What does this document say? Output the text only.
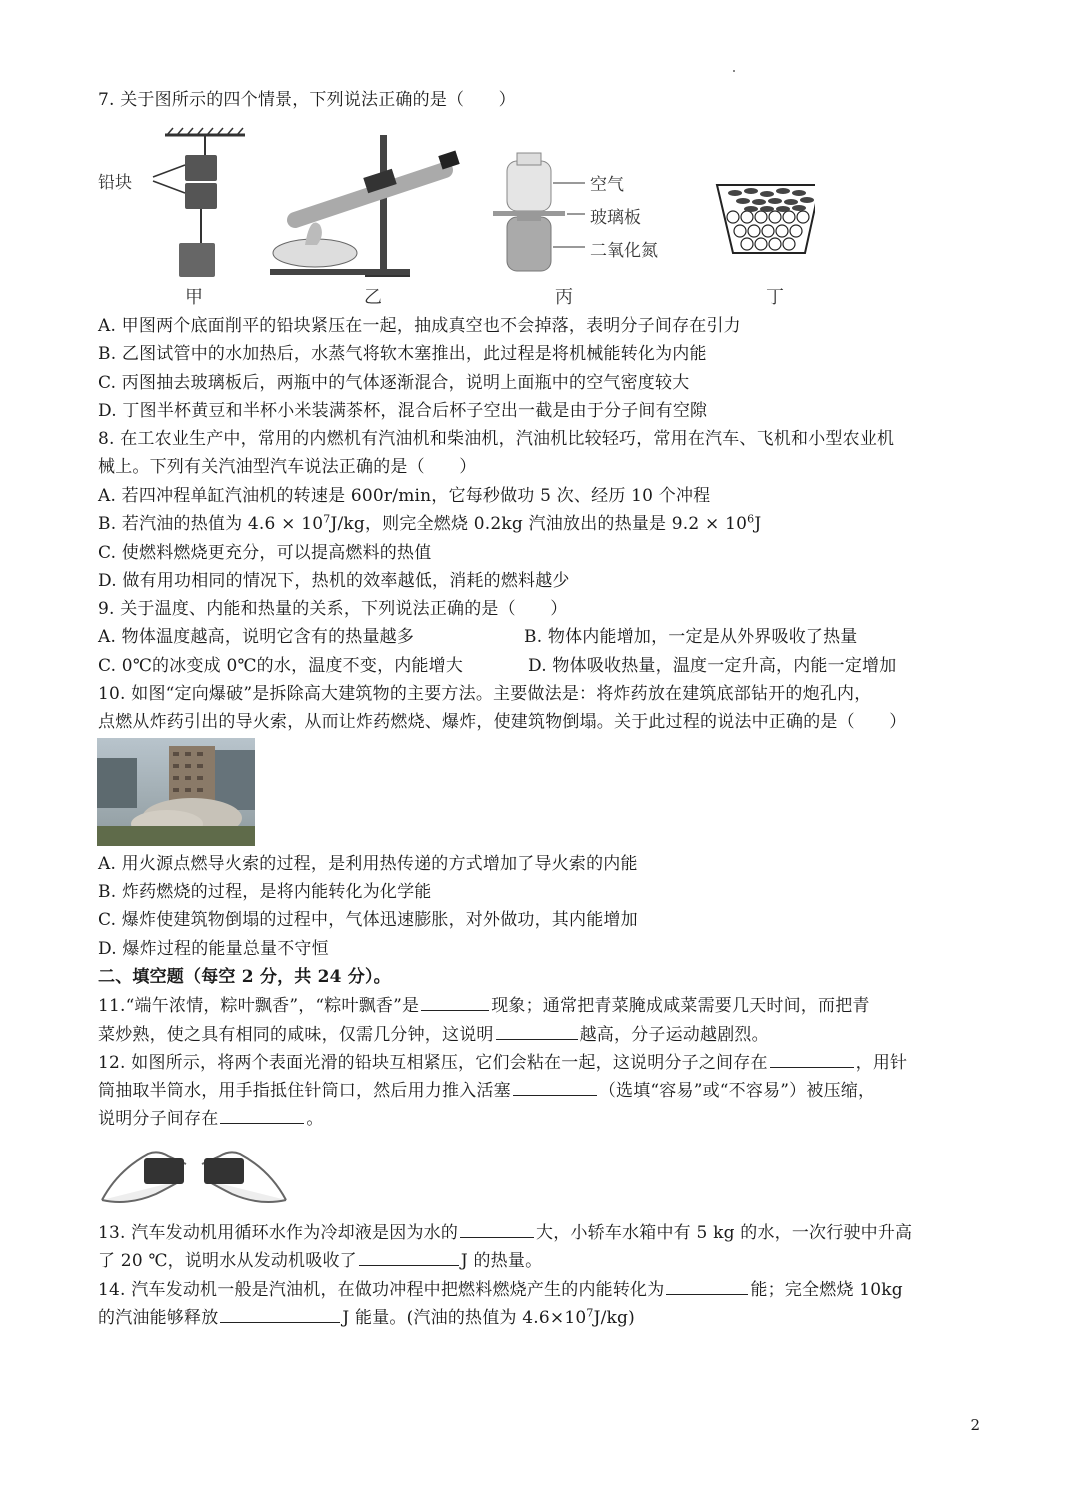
7. 关于图所示的四个情景，下列说法正确的是（　　）
铅块	空气
玻璃板
二氧化氮
甲	乙	丙	丁
A. 甲图两个底面削平的铅块紧压在一起，抽成真空也不会掉落，表明分子间存在引力
B. 乙图试管中的水加热后，水蒸气将软木塞推出，此过程是将机械能转化为内能
C. 丙图抽去玻璃板后，两瓶中的气体逐渐混合，说明上面瓶中的空气密度较大
D. 丁图半杯黄豆和半杯小米装满茶杯，混合后杯子空出一截是由于分子间有空隙
8. 在工农业生产中，常用的内燃机有汽油机和柴油机，汽油机比较轻巧，常用在汽车、飞机和小型农业机
械上。下列有关汽油型汽车说法正确的是（　　）
A. 若四冲程单缸汽油机的转速是 600r/min，它每秒做功 5 次、经历 10 个冲程
B. 若汽油的热值为 $4.6 \times 10^7J/kg$，则完全燃烧 0.2kg 汽油放出的热量是 $9.2 \times 10^6J$
C. 使燃料燃烧更充分，可以提高燃料的热值
D. 做有用功相同的情况下，热机的效率越低，消耗的燃料越少
9. 关于温度、内能和热量的关系，下列说法正确的是（　　）
A. 物体温度越高，说明它含有的热量越多	B. 物体内能增加，一定是从外界吸收了热量
C. 0℃的冰变成 0℃的水，温度不变，内能增大	D. 物体吸收热量，温度一定升高，内能一定增加
10. 如图“定向爆破”是拆除高大建筑物的主要方法。主要做法是：将炸药放在建筑底部钻开的炮孔内，
点燃从炸药引出的导火索，从而让炸药燃烧、爆炸，使建筑物倒塌。关于此过程的说法中正确的是（　　）
A. 用火源点燃导火索的过程，是利用热传递的方式增加了导火索的内能
B. 炸药燃烧的过程，是将内能转化为化学能
C. 爆炸使建筑物倒塌的过程中，气体迅速膨胀，对外做功，其内能增加
D. 爆炸过程的能量总量不守恒
二、填空题（每空 2 分，共 24 分）。
11.“端午浓情，粽叶飘香”，“粽叶飘香”是	现象；通常把青菜腌成咸菜需要几天时间，而把青
菜炒熟，使之具有相同的咸味，仅需几分钟，这说明	越高，分子运动越剧烈。
12. 如图所示，将两个表面光滑的铅块互相紧压，它们会粘在一起，这说明分子之间存在	，用针
筒抽取半筒水，用手指抵住针筒口，然后用力推入活塞	（选填“容易”或“不容易”）被压缩，
说明分子间存在	。
13. 汽车发动机用循环水作为冷却液是因为水的	大，小轿车水箱中有 5 kg 的水，一次行驶中升高
了 20 ℃，说明水从发动机吸收了	J 的热量。
14. 汽车发动机一般是汽油机，在做功冲程中把燃料燃烧产生的内能转化为	能；完全燃烧 10kg
的汽油能够释放	J 能量。(汽油的热值为 $4.6\times 10^7J/kg$)
2
